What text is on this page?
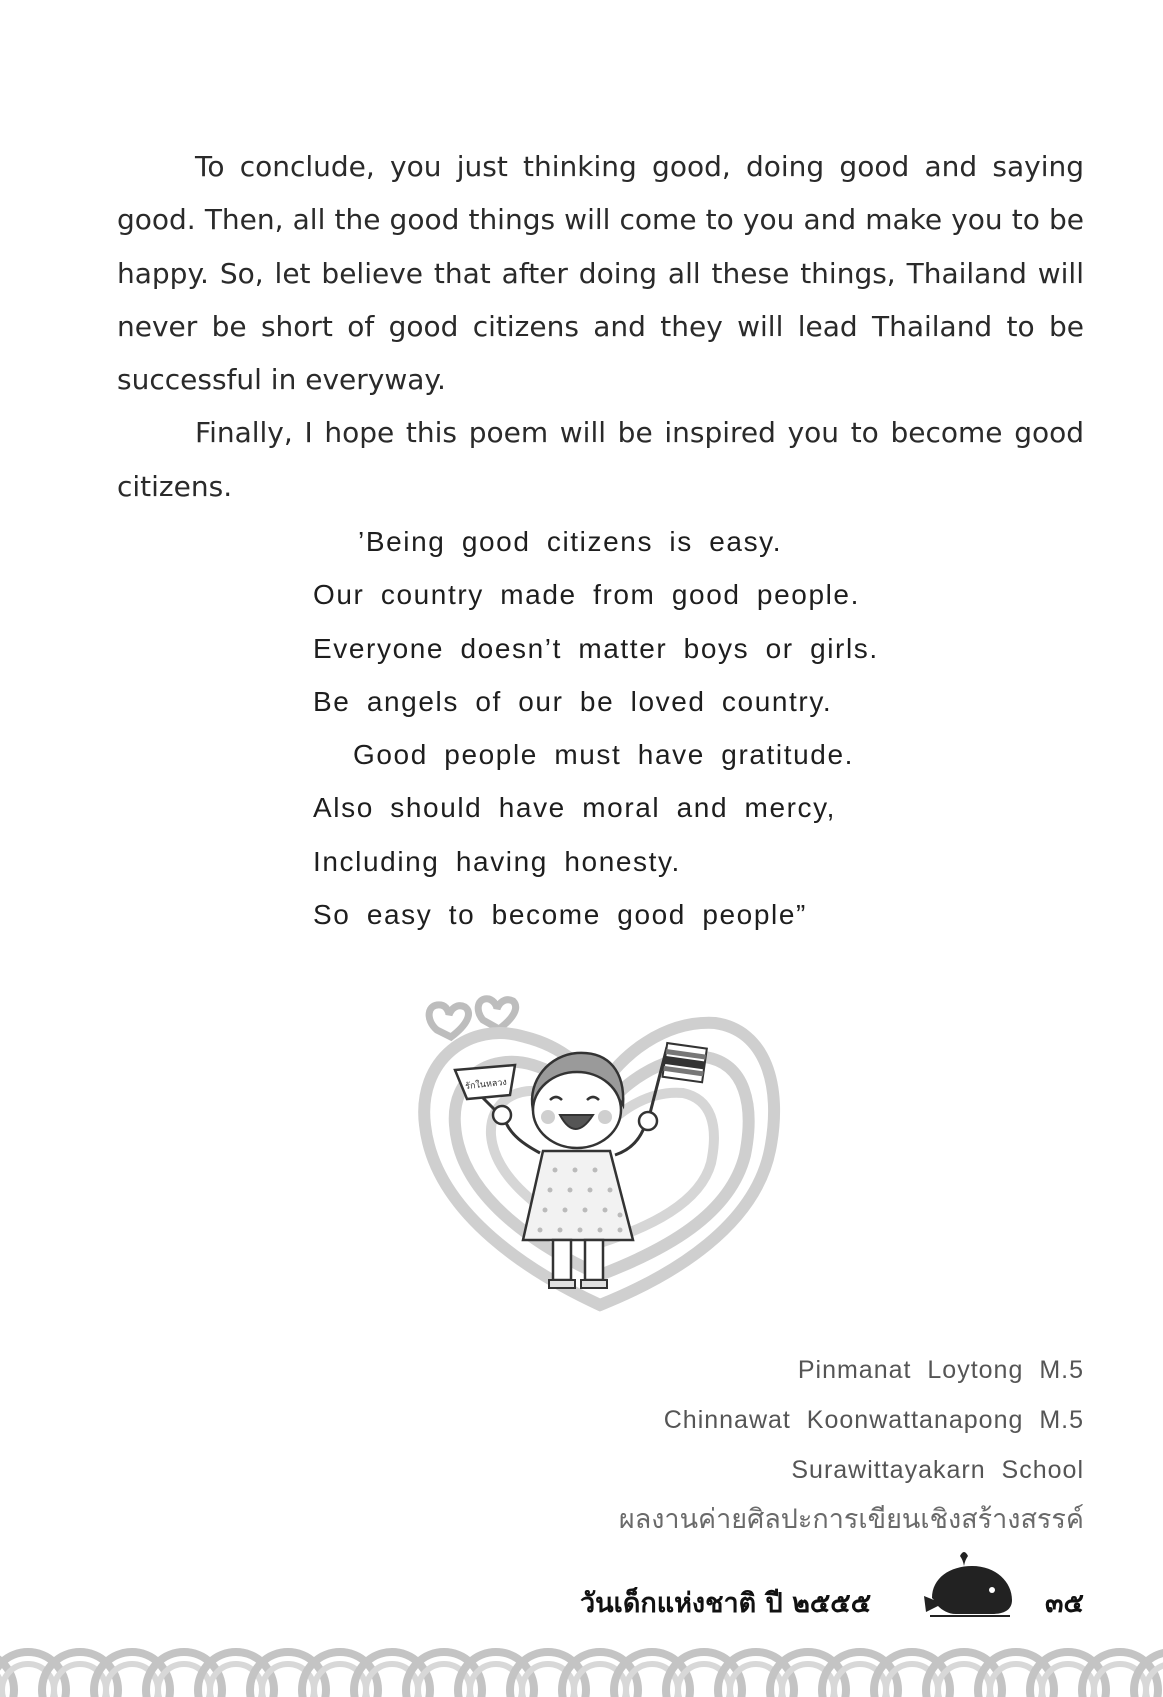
To conclude, you just thinking good, doing good and saying good. Then, all the good things will come to you and make you to be happy. So, let believe that after doing all these things, Thailand will never be short of good citizens and they will lead Thailand to be successful in everyway.

Finally, I hope this poem will be inspired you to become good citizens.

’Being good citizens is easy.
Our country made from good people.
Everyone doesn’t matter boys or girls.
Be angels of our be loved country.
Good people must have gratitude.
Also should have moral and mercy,
Including having honesty.
So easy to become good people”
รักในหลวง
Pinmanat Loytong M.5
Chinnawat Koonwattanapong M.5
Surawittayakarn School
ผลงานค่ายศิลปะการเขียนเชิงสร้างสรรค์
วันเด็กแห่งชาติ ปี ๒๕๕๕	๓๕
